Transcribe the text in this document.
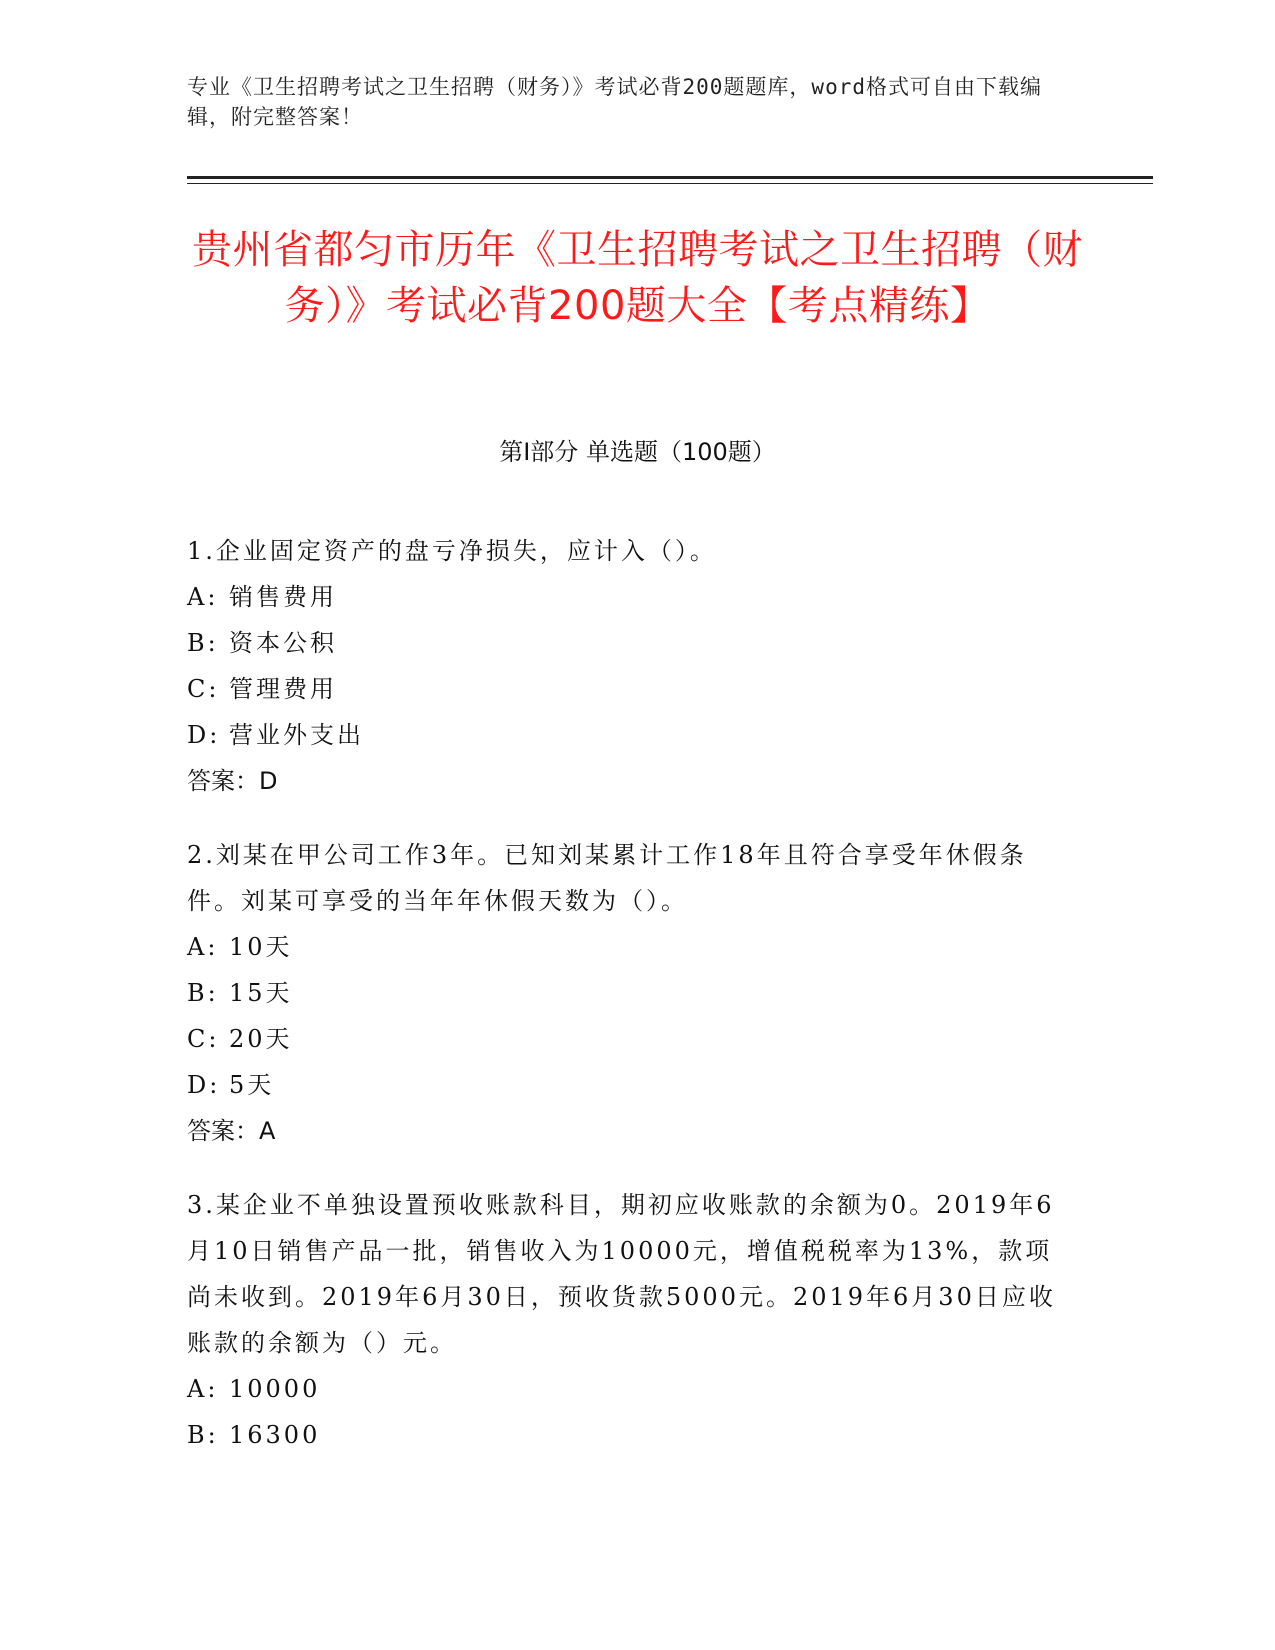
专业《卫生招聘考试之卫生招聘（财务）》考试必背200题题库，word格式可自由下载编辑，附完整答案！
贵州省都匀市历年《卫生招聘考试之卫生招聘（财务）》考试必背200题大全【考点精练】
第I部分 单选题（100题）

1.企业固定资产的盘亏净损失，应计入（）。

A: 销售费用

B: 资本公积

C: 管理费用

D: 营业外支出

答案：D

2.刘某在甲公司工作3年。已知刘某累计工作18年且符合享受年休假条件。刘某可享受的当年年休假天数为（）。

A: 10天

B: 15天

C: 20天

D: 5天

答案：A

3.某企业不单独设置预收账款科目，期初应收账款的余额为0。2019年6月10日销售产品一批，销售收入为10000元，增值税税率为13%，款项尚未收到。2019年6月30日，预收货款5000元。2019年6月30日应收账款的余额为（）元。

A: 10000

B: 16300
